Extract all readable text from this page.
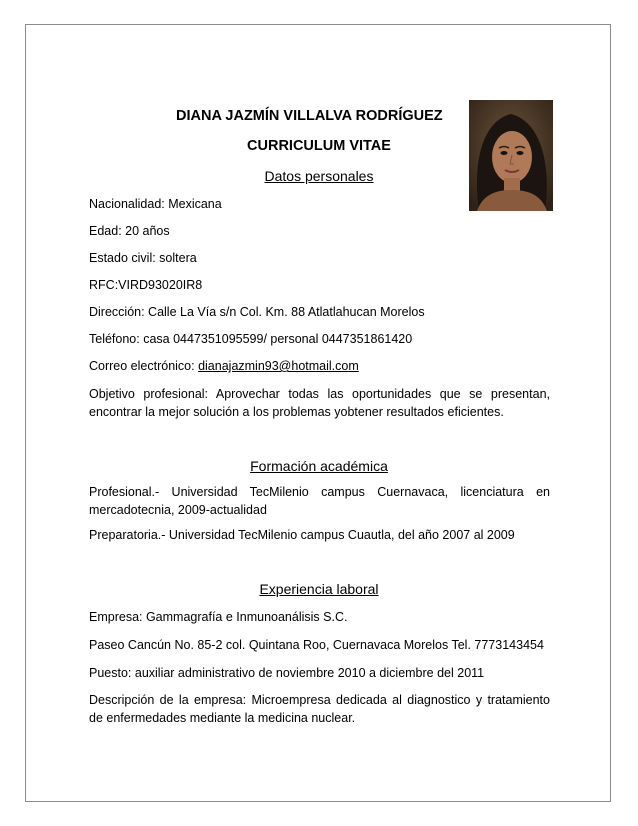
DIANA JAZMÍN VILLALVA RODRÍGUEZ
CURRICULUM VITAE
Datos personales
Nacionalidad: Mexicana
Edad: 20 años
Estado civil: soltera
RFC:VIRD93020IR8
Dirección: Calle La Vía s/n Col. Km. 88 Atlatlahucan Morelos
Teléfono: casa 0447351095599/ personal 0447351861420
Correo electrónico: dianajazmin93@hotmail.com
Objetivo profesional: Aprovechar todas las oportunidades que se presentan, encontrar la mejor solución a los problemas yobtener resultados eficientes.
Formación académica
Profesional.- Universidad TecMilenio campus Cuernavaca, licenciatura en mercadotecnia, 2009-actualidad
Preparatoria.- Universidad TecMilenio campus Cuautla, del año 2007 al 2009
Experiencia laboral
Empresa: Gammagrafía e Inmunoanálisis S.C.
Paseo Cancún No. 85-2 col. Quintana Roo, Cuernavaca Morelos Tel. 7773143454
Puesto: auxiliar administrativo de noviembre 2010 a diciembre del 2011
Descripción de la empresa: Microempresa dedicada al diagnostico y tratamiento de enfermedades mediante la medicina nuclear.
